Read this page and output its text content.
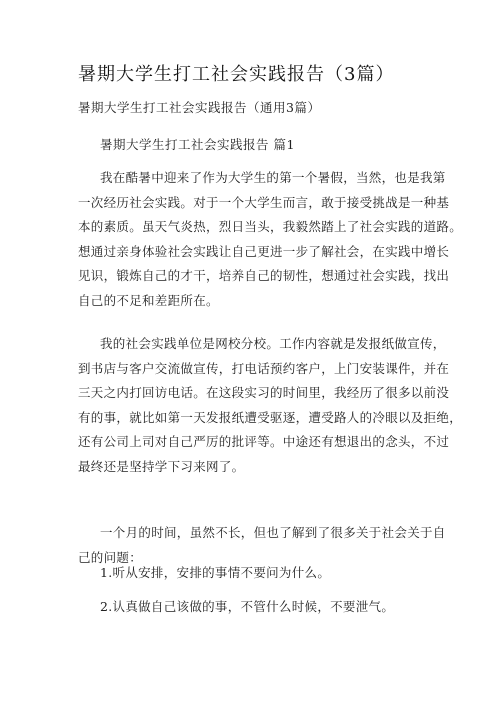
暑期大学生打工社会实践报告（3篇）
暑期大学生打工社会实践报告（通用3篇）
暑期大学生打工社会实践报告 篇1
我在酷暑中迎来了作为大学生的第一个暑假，当然，也是我第
一次经历社会实践。对于一个大学生而言，敢于接受挑战是一种基
本的素质。虽天气炎热，烈日当头，我毅然踏上了社会实践的道路。
想通过亲身体验社会实践让自己更进一步了解社会，在实践中增长
见识，锻炼自己的才干，培养自己的韧性，想通过社会实践，找出
自己的不足和差距所在。
我的社会实践单位是网校分校。工作内容就是发报纸做宣传，
到书店与客户交流做宣传，打电话预约客户，上门安装课件，并在
三天之内打回访电话。在这段实习的时间里，我经历了很多以前没
有的事，就比如第一天发报纸遭受驱逐，遭受路人的冷眼以及拒绝，
还有公司上司对自己严厉的批评等。中途还有想退出的念头，不过
最终还是坚持学下习来网了。
一个月的时间，虽然不长，但也了解到了很多关于社会关于自
己的问题：
1.听从安排，安排的事情不要问为什么。
2.认真做自己该做的事，不管什么时候，不要泄气。
